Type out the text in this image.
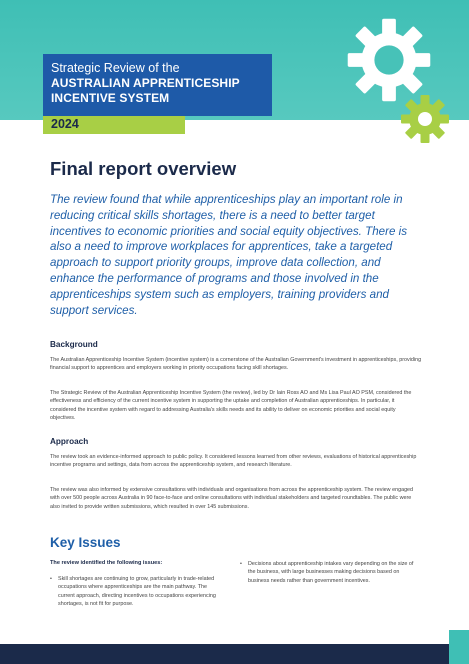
Strategic Review of the
AUSTRALIAN APPRENTICESHIP
INCENTIVE SYSTEM
2024
Final report overview
The review found that while apprenticeships play an important role in reducing critical skills shortages, there is a need to better target incentives to economic priorities and social equity objectives. There is also a need to improve workplaces for apprentices, take a targeted approach to support priority groups, improve data collection, and enhance the performance of programs and those involved in the apprenticeships system such as employers, training providers and support services.
Background
The Australian Apprenticeship Incentive System (incentive system) is a cornerstone of the Australian Government's investment in apprenticeships, providing financial support to apprentices and employers working in priority occupations facing skill shortages.
The Strategic Review of the Australian Apprenticeship Incentive System (the review), led by Dr Iain Ross AO and Ms Lisa Paul AO PSM, considered the effectiveness and efficiency of the current incentive system in supporting the uptake and completion of Australian apprenticeships. In particular, it considered the incentive system with regard to addressing Australia's skills needs and its ability to deliver on economic priorities and social equity objectives.
Approach
The review took an evidence-informed approach to public policy. It considered lessons learned from other reviews, evaluations of historical apprenticeship incentive programs and settings, data from across the apprenticeship system, and research literature.
The review was also informed by extensive consultations with individuals and organisations from across the apprenticeship system. The review engaged with over 500 people across Australia in 90 face-to-face and online consultations with individual stakeholders and targeted roundtables. The public were also invited to provide written submissions, which resulted in over 145 submissions.
Key Issues
The review identified the following issues:
• Skill shortages are continuing to grow, particularly in trade-related occupations where apprenticeships are the main pathway. The current approach, directing incentives to occupations experiencing shortages, is not fit for purpose.
• Decisions about apprenticeship intakes vary depending on the size of the business, with large businesses making decisions based on business needs rather than government incentives.
